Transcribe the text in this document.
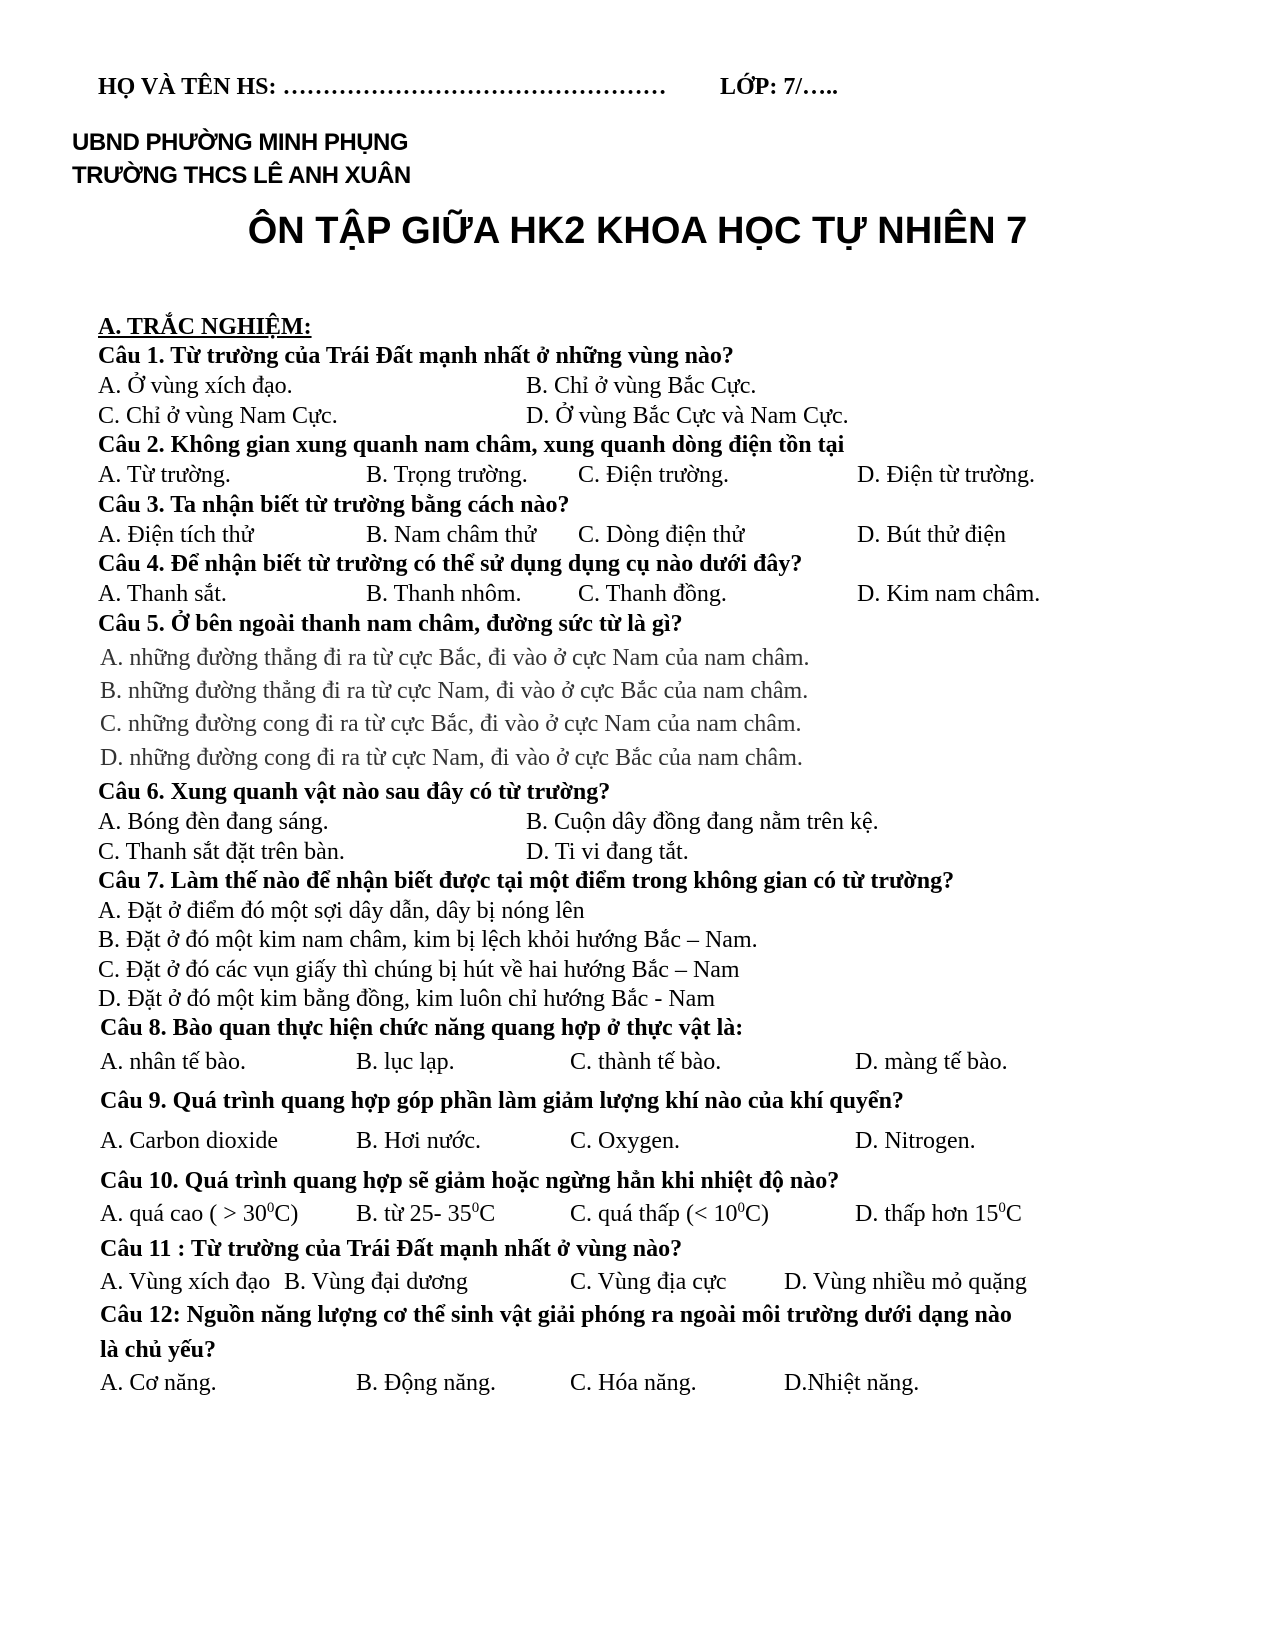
HỌ VÀ TÊN HS: ………………………………………… LỚP: 7/…..
UBND PHƯỜNG MINH PHỤNG
TRƯỜNG THCS LÊ ANH XUÂN
ÔN TẬP GIỮA HK2 KHOA HỌC TỰ NHIÊN 7
A. TRẮC NGHIỆM:
Câu 1. Từ trường của Trái Đất mạnh nhất ở những vùng nào?
A. Ở vùng xích đạo.	B. Chỉ ở vùng Bắc Cực.
C. Chỉ ở vùng Nam Cực.	D. Ở vùng Bắc Cực và Nam Cực.
Câu 2. Không gian xung quanh nam châm, xung quanh dòng điện tồn tại
A. Từ trường.	B. Trọng trường. C. Điện trường.	D. Điện từ trường.
Câu 3. Ta nhận biết từ trường bằng cách nào?
A. Điện tích thử	B. Nam châm thử C. Dòng điện thử	D. Bút thử điện
Câu 4. Để nhận biết từ trường có thể sử dụng dụng cụ nào dưới đây?
A. Thanh sắt.	B. Thanh nhôm. C. Thanh đồng.	D. Kim nam châm.
Câu 5. Ở bên ngoài thanh nam châm, đường sức từ là gì?
A. những đường thẳng đi ra từ cực Bắc, đi vào ở cực Nam của nam châm.
B. những đường thẳng đi ra từ cực Nam, đi vào ở cực Bắc của nam châm.
C. những đường cong đi ra từ cực Bắc, đi vào ở cực Nam của nam châm.
D. những đường cong đi ra từ cực Nam, đi vào ở cực Bắc của nam châm.
Câu 6. Xung quanh vật nào sau đây có từ trường?
A. Bóng đèn đang sáng.	B. Cuộn dây đồng đang nằm trên kệ.
C. Thanh sắt đặt trên bàn.	D. Ti vi đang tắt.
Câu 7. Làm thế nào để nhận biết được tại một điểm trong không gian có từ trường?
A. Đặt ở điểm đó một sợi dây dẫn, dây bị nóng lên
B. Đặt ở đó một kim nam châm, kim bị lệch khỏi hướng Bắc – Nam.
C. Đặt ở đó các vụn giấy thì chúng bị hút về hai hướng Bắc – Nam
D. Đặt ở đó một kim bằng đồng, kim luôn chỉ hướng Bắc - Nam
Câu 8. Bào quan thực hiện chức năng quang hợp ở thực vật là:
A. nhân tế bào.	B. lục lạp.	C. thành tế bào.	D. màng tế bào.
Câu 9. Quá trình quang hợp góp phần làm giảm lượng khí nào của khí quyển?
A. Carbon dioxide	B. Hơi nước.	C. Oxygen.	D. Nitrogen.
Câu 10. Quá trình quang hợp sẽ giảm hoặc ngừng hẳn khi nhiệt độ nào?
A. quá cao ( > $30^0C$) B. từ 25- $35^0C$	C. quá thấp (< $10^0C$)	D. thấp hơn $15^0C$
Câu 11 : Từ trường của Trái Đất mạnh nhất ở vùng nào?
A. Vùng xích đạo B. Vùng đại dương	C. Vùng địa cực D. Vùng nhiều mỏ quặng
Câu 12: Nguồn năng lượng cơ thể sinh vật giải phóng ra ngoài môi trường dưới dạng nào
là chủ yếu?
A. Cơ năng.	B. Động năng.	C. Hóa năng.	D.Nhiệt năng.
